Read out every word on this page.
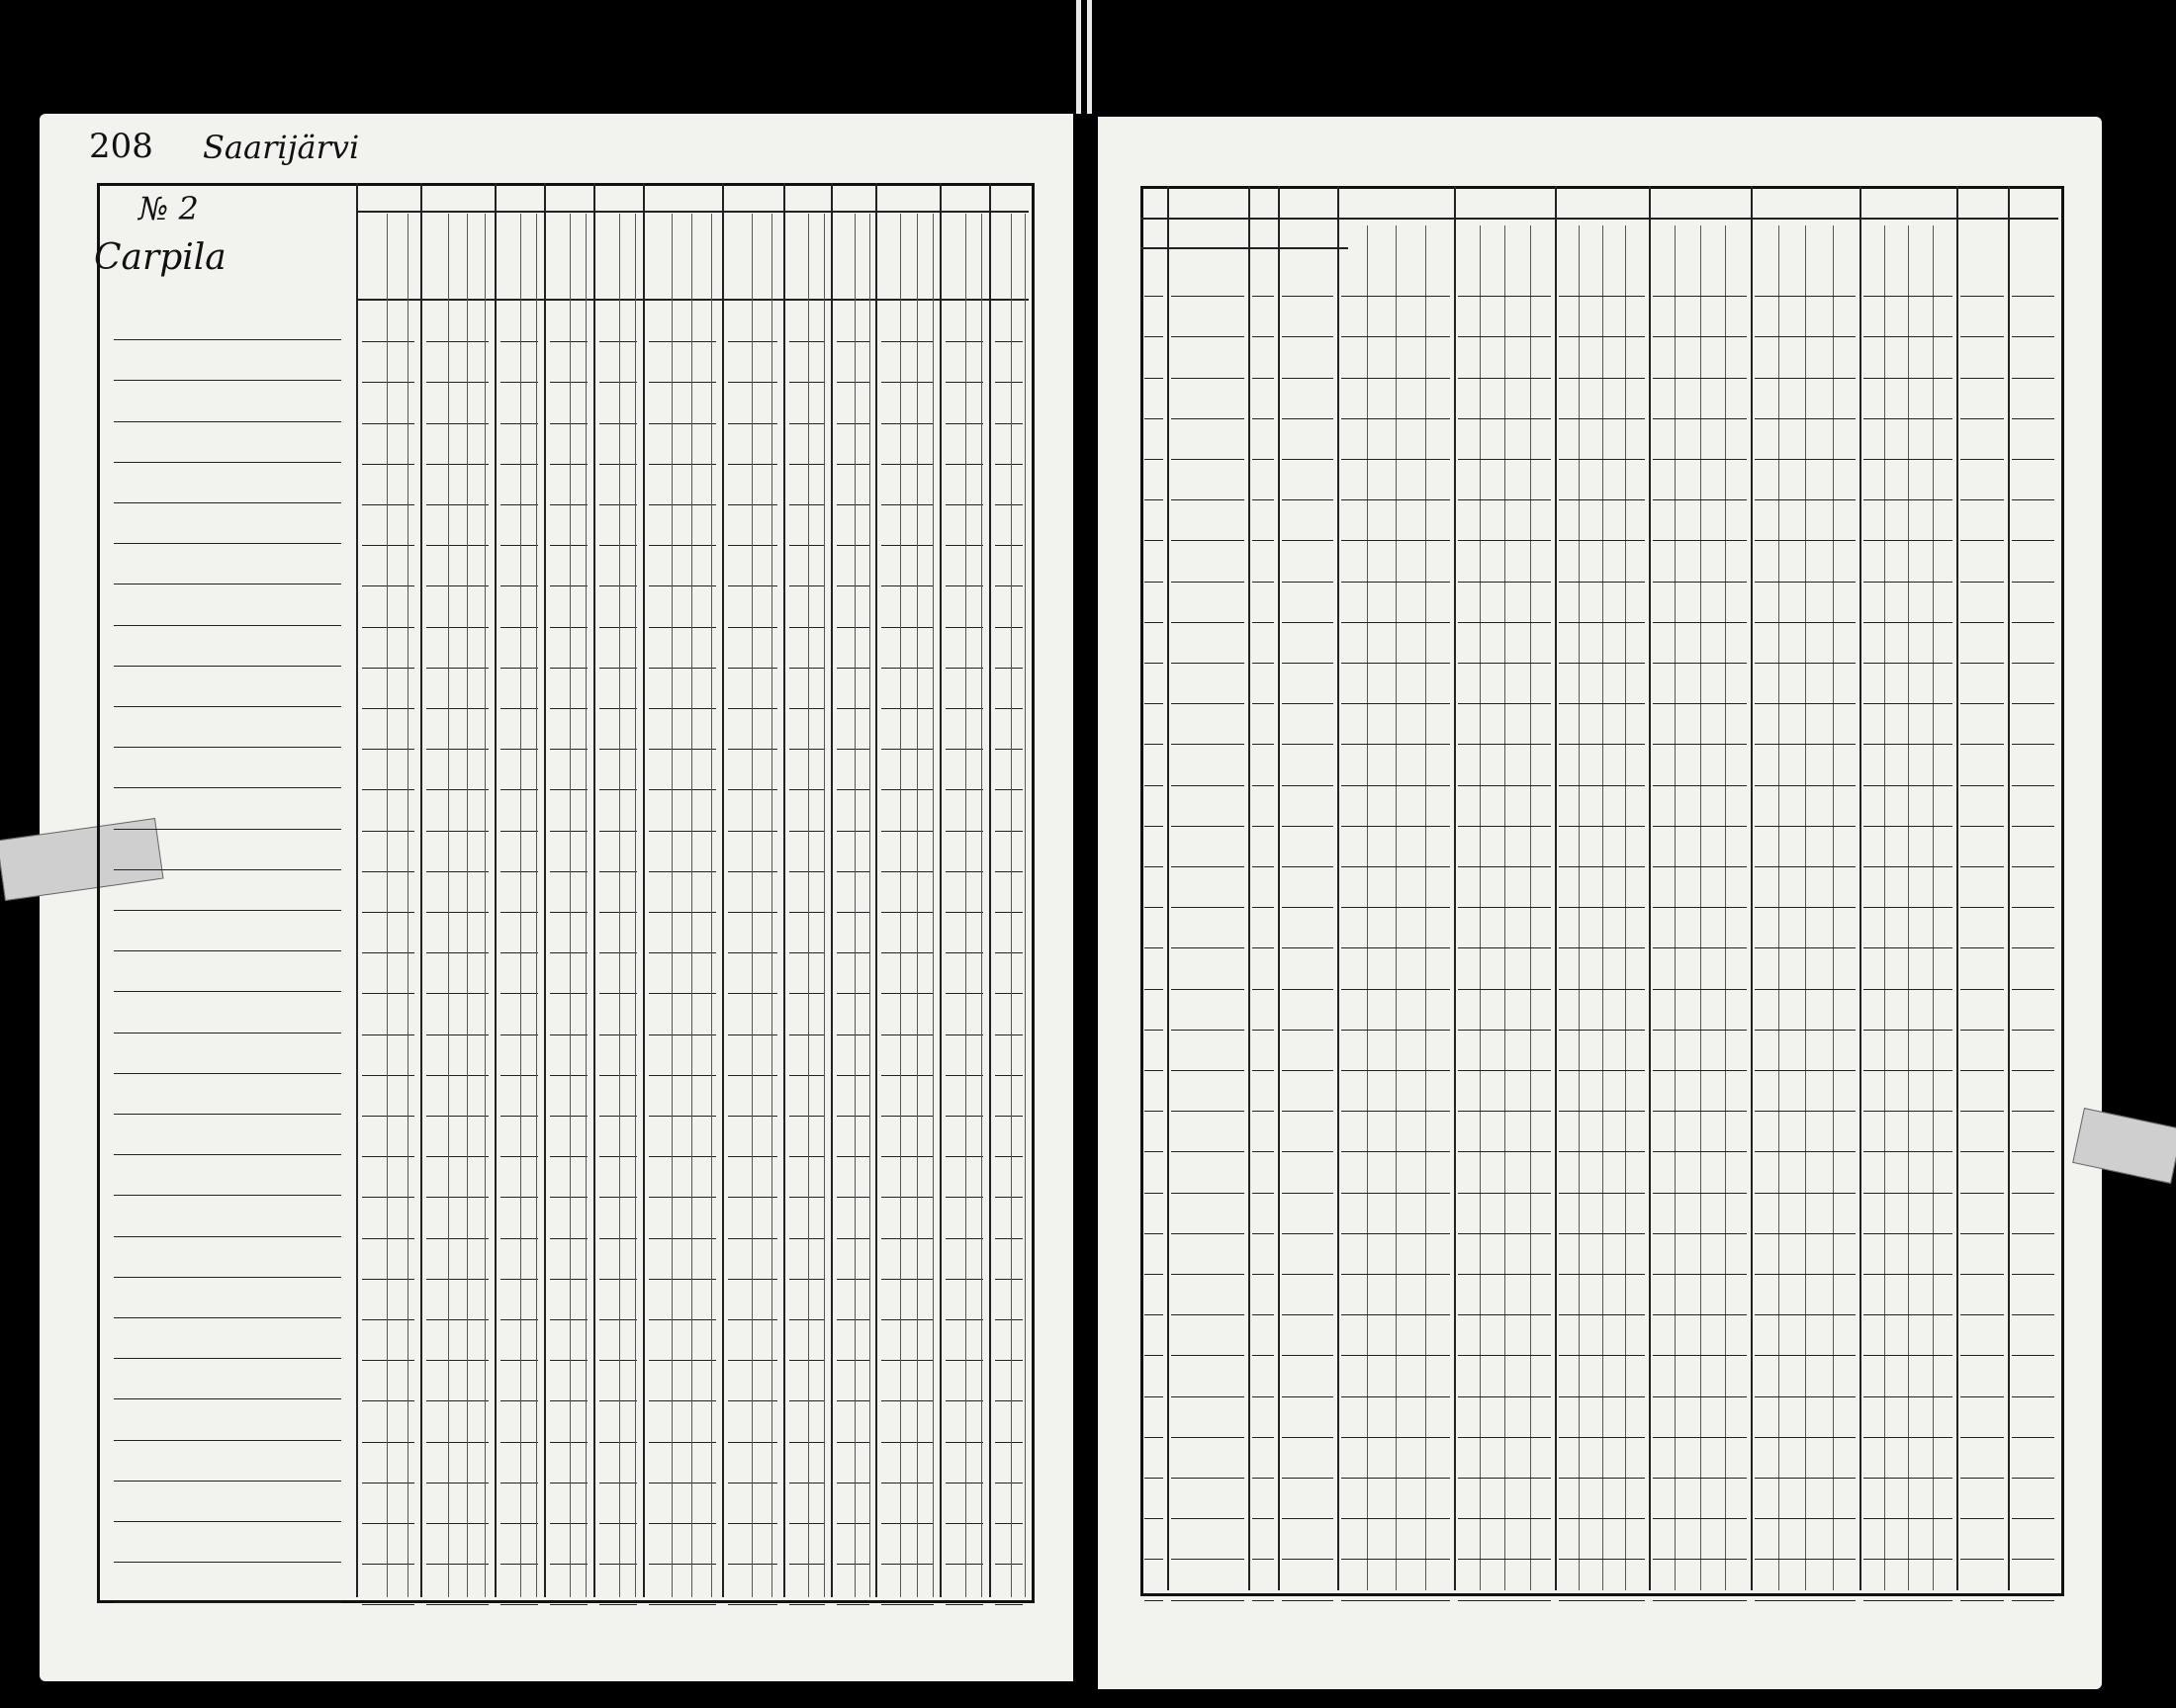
208 Saarijärvi
№ 2
Carpila
